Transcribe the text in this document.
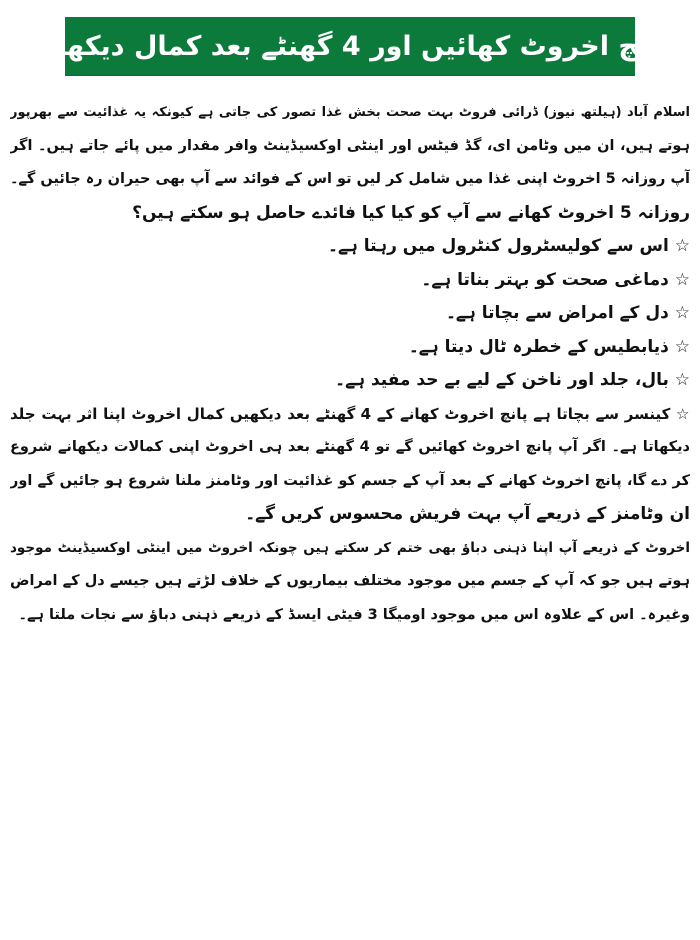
پانچ اخروٹ کھائیں اور 4 گھنٹے بعد کمال دیکھیں
اسلام آباد (ہیلتھ نیوز) ڈرائی فروٹ بہت صحت بخش غذا تصور کی جاتی ہے کیونکہ یہ غذائیت سے بھرپور
ہوتے ہیں، ان میں وٹامن ای، گڈ فیٹس اور اینٹی اوکسیڈینٹ وافر مقدار میں پائے جاتے ہیں۔ اگر
آپ روزانہ 5 اخروٹ اپنی غذا میں شامل کر لیں تو اس کے فوائد سے آپ بھی حیران رہ جائیں گے۔
روزانہ 5 اخروٹ کھانے سے آپ کو کیا کیا فائدے حاصل ہو سکتے ہیں؟
☆ اس سے کولیسٹرول کنٹرول میں رہتا ہے۔
☆ دماغی صحت کو بہتر بناتا ہے۔
☆ دل کے امراض سے بچاتا ہے۔
☆ ذیابطیس کے خطرہ ٹال دیتا ہے۔
☆ بال، جلد اور ناخن کے لیے بے حد مفید ہے۔
☆ کینسر سے بچاتا ہے پانچ اخروٹ کھانے کے 4 گھنٹے بعد دیکھیں کمال اخروٹ اپنا اثر بہت جلد
دیکھاتا ہے۔ اگر آپ پانچ اخروٹ کھائیں گے تو 4 گھنٹے بعد ہی اخروٹ اپنی کمالات دیکھانے شروع
کر دے گا، پانچ اخروٹ کھانے کے بعد آپ کے جسم کو غذائیت اور وٹامنز ملنا شروع ہو جائیں گے اور
ان وٹامنز کے ذریعے آپ بہت فریش محسوس کریں گے۔
اخروٹ کے ذریعے آپ اپنا ذہنی دباؤ بھی ختم کر سکتے ہیں چونکہ اخروٹ میں اینٹی اوکسیڈینٹ موجود
ہوتے ہیں جو کہ آپ کے جسم میں موجود مختلف بیماریوں کے خلاف لڑتے ہیں جیسے دل کے امراض
وغیرہ۔ اس کے علاوہ اس میں موجود اومیگا 3 فیٹی ایسڈ کے ذریعے ذہنی دباؤ سے نجات ملتا ہے۔
